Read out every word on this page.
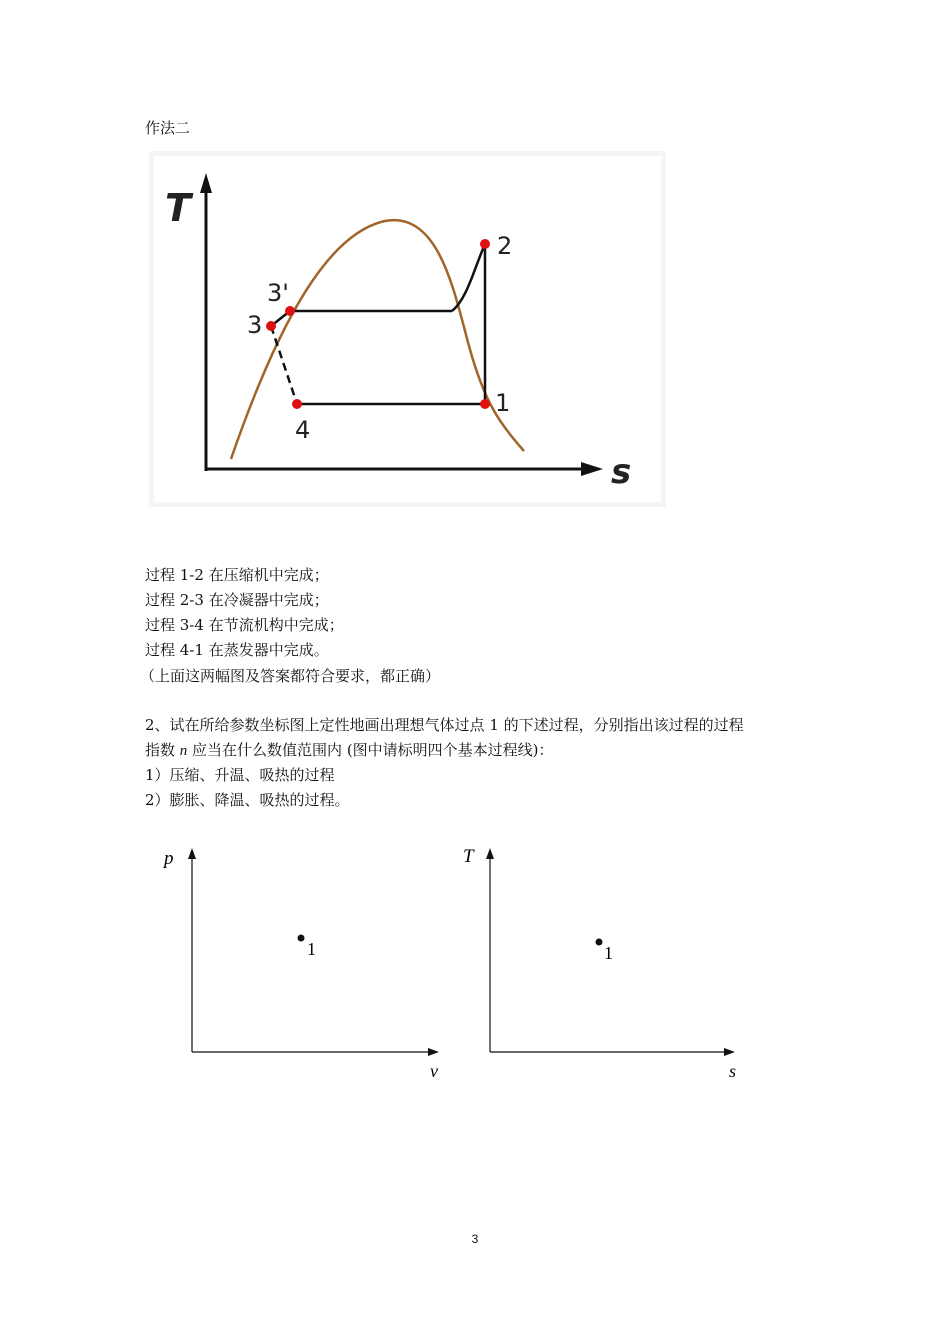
作法二
T
s
2
3'
3
4
1
过程 1-2 在压缩机中完成；
过程 2-3 在冷凝器中完成；
过程 3-4 在节流机构中完成；
过程 4-1 在蒸发器中完成。
（上面这两幅图及答案都符合要求，都正确）
2、试在所给参数坐标图上定性地画出理想气体过点 1 的下述过程，分别指出该过程的过程
指数 n 应当在什么数值范围内 (图中请标明四个基本过程线)：
1）压缩、升温、吸热的过程
2）膨胀、降温、吸热的过程。
p
v
1
T
s
1
3
